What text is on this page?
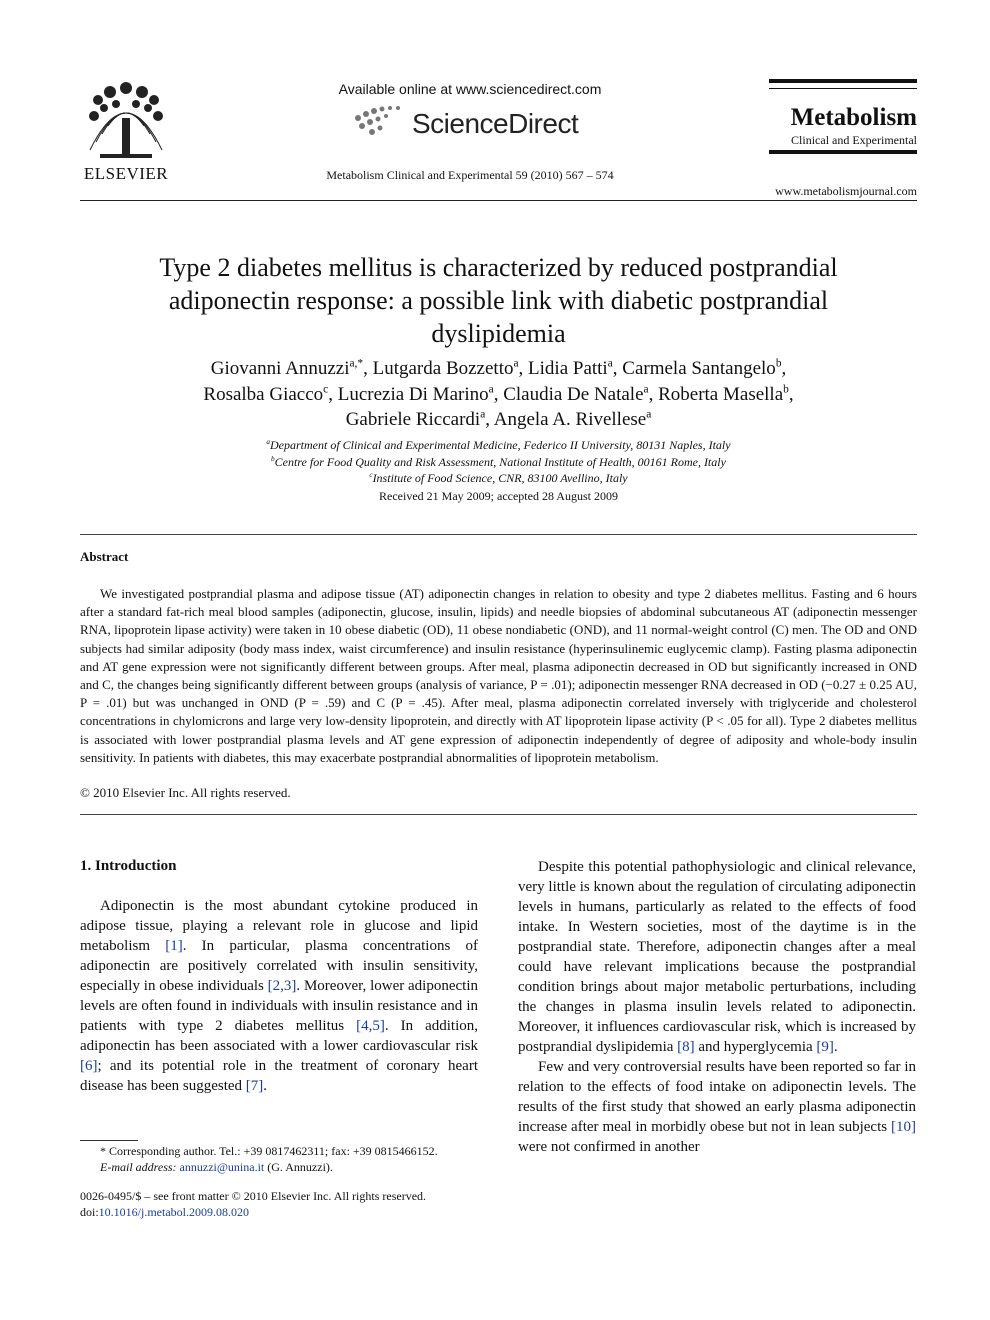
ELSEVIER
Available online at www.sciencedirect.com
ScienceDirect
Metabolism Clinical and Experimental 59 (2010) 567 – 574
Metabolism
Clinical and Experimental
www.metabolismjournal.com
Type 2 diabetes mellitus is characterized by reduced postprandial adiponectin response: a possible link with diabetic postprandial dyslipidemia
Giovanni Annuzzi$^{a,*}$, Lutgarda Bozzetto$^a$, Lidia Patti$^a$, Carmela Santangelo$^b$,
Rosalba Giacco$^c$, Lucrezia Di Marino$^a$, Claudia De Natale$^a$, Roberta Masella$^b$,
Gabriele Riccardi$^a$, Angela A. Rivellese$^a$
$^a$Department of Clinical and Experimental Medicine, Federico II University, 80131 Naples, Italy
$^b$Centre for Food Quality and Risk Assessment, National Institute of Health, 00161 Rome, Italy
$^c$Institute of Food Science, CNR, 83100 Avellino, Italy
Received 21 May 2009; accepted 28 August 2009
Abstract

We investigated postprandial plasma and adipose tissue (AT) adiponectin changes in relation to obesity and type 2 diabetes mellitus. Fasting and 6 hours after a standard fat-rich meal blood samples (adiponectin, glucose, insulin, lipids) and needle biopsies of abdominal subcutaneous AT (adiponectin messenger RNA, lipoprotein lipase activity) were taken in 10 obese diabetic (OD), 11 obese nondiabetic (OND), and 11 normal-weight control (C) men. The OD and OND subjects had similar adiposity (body mass index, waist circumference) and insulin resistance (hyperinsulinemic euglycemic clamp). Fasting plasma adiponectin and AT gene expression were not significantly different between groups. After meal, plasma adiponectin decreased in OD but significantly increased in OND and C, the changes being significantly different between groups (analysis of variance, P = .01); adiponectin messenger RNA decreased in OD (−0.27 ± 0.25 AU, P = .01) but was unchanged in OND (P = .59) and C (P = .45). After meal, plasma adiponectin correlated inversely with triglyceride and cholesterol concentrations in chylomicrons and large very low-density lipoprotein, and directly with AT lipoprotein lipase activity (P < .05 for all). Type 2 diabetes mellitus is associated with lower postprandial plasma levels and AT gene expression of adiponectin independently of degree of adiposity and whole-body insulin sensitivity. In patients with diabetes, this may exacerbate postprandial abnormalities of lipoprotein metabolism.

© 2010 Elsevier Inc. All rights reserved.
1. Introduction

Adiponectin is the most abundant cytokine produced in adipose tissue, playing a relevant role in glucose and lipid metabolism [1]. In particular, plasma concentrations of adiponectin are positively correlated with insulin sensitivity, especially in obese individuals [2,3]. Moreover, lower adiponectin levels are often found in individuals with insulin resistance and in patients with type 2 diabetes mellitus [4,5]. In addition, adiponectin has been associated with a lower cardiovascular risk [6]; and its potential role in the treatment of coronary heart disease has been suggested [7].

Despite this potential pathophysiologic and clinical relevance, very little is known about the regulation of circulating adiponectin levels in humans, particularly as related to the effects of food intake. In Western societies, most of the daytime is in the postprandial state. Therefore, adiponectin changes after a meal could have relevant implications because the postprandial condition brings about major metabolic perturbations, including the changes in plasma insulin levels related to adiponectin. Moreover, it influences cardiovascular risk, which is increased by postprandial dyslipidemia [8] and hyperglycemia [9].

Few and very controversial results have been reported so far in relation to the effects of food intake on adiponectin levels. The results of the first study that showed an early plasma adiponectin increase after meal in morbidly obese but not in lean subjects [10] were not confirmed in another

* Corresponding author. Tel.: +39 0817462311; fax: +39 0815466152.
E-mail address: annuzzi@unina.it (G. Annuzzi).
0026-0495/$ – see front matter © 2010 Elsevier Inc. All rights reserved.
doi:10.1016/j.metabol.2009.08.020
